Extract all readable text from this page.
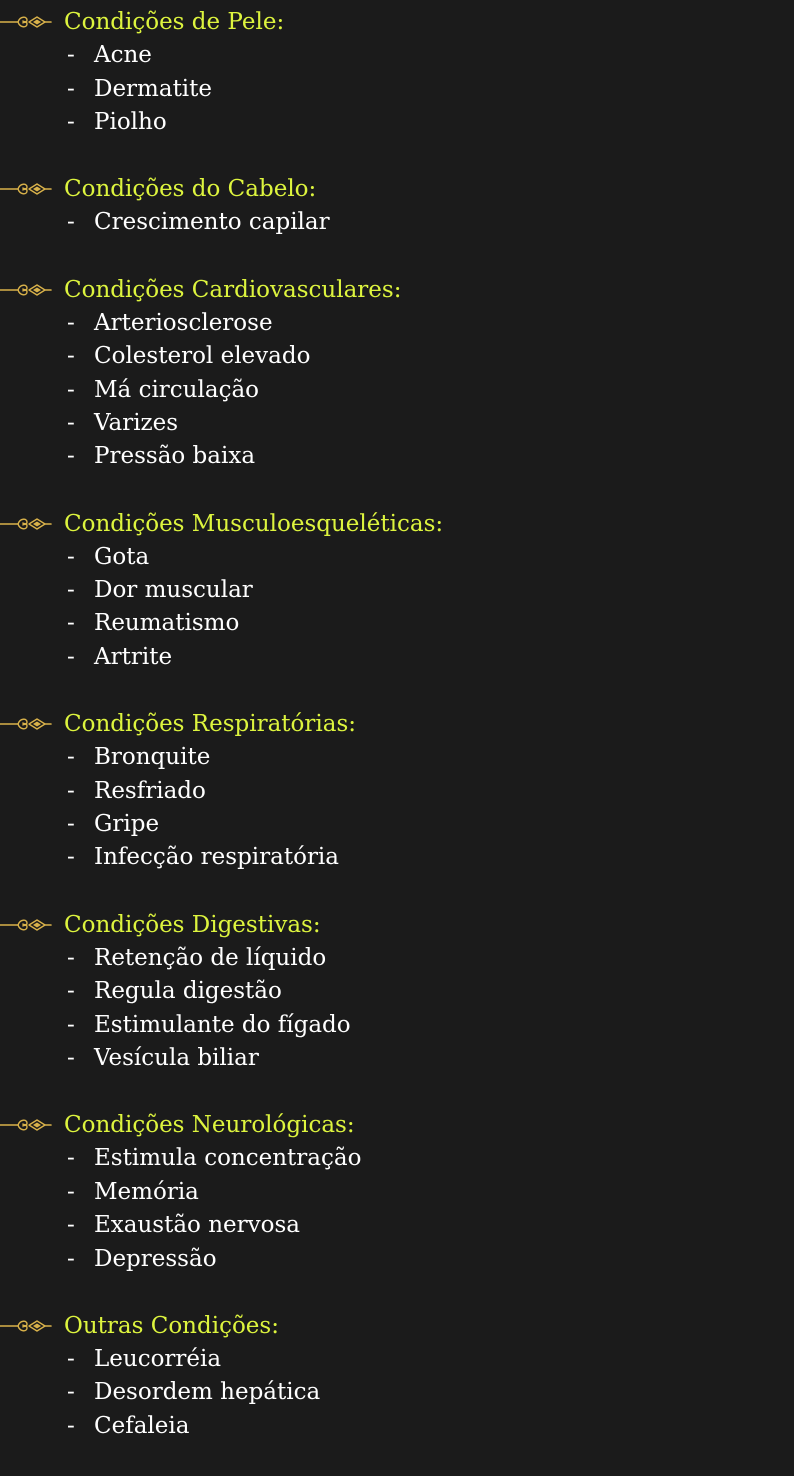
Condições de Pele:
- Acne
- Dermatite
- Piolho
Condições do Cabelo:
- Crescimento capilar
Condições Cardiovasculares:
- Arteriosclerose
- Colesterol elevado
- Má circulação
- Varizes
- Pressão baixa
Condições Musculoesqueléticas:
- Gota
- Dor muscular
- Reumatismo
- Artrite
Condições Respiratórias:
- Bronquite
- Resfriado
- Gripe
- Infecção respiratória
Condições Digestivas:
- Retenção de líquido
- Regula digestão
- Estimulante do fígado
- Vesícula biliar
Condições Neurológicas:
- Estimula concentração
- Memória
- Exaustão nervosa
- Depressão
Outras Condições:
- Leucorréia
- Desordem hepática
- Cefaleia
